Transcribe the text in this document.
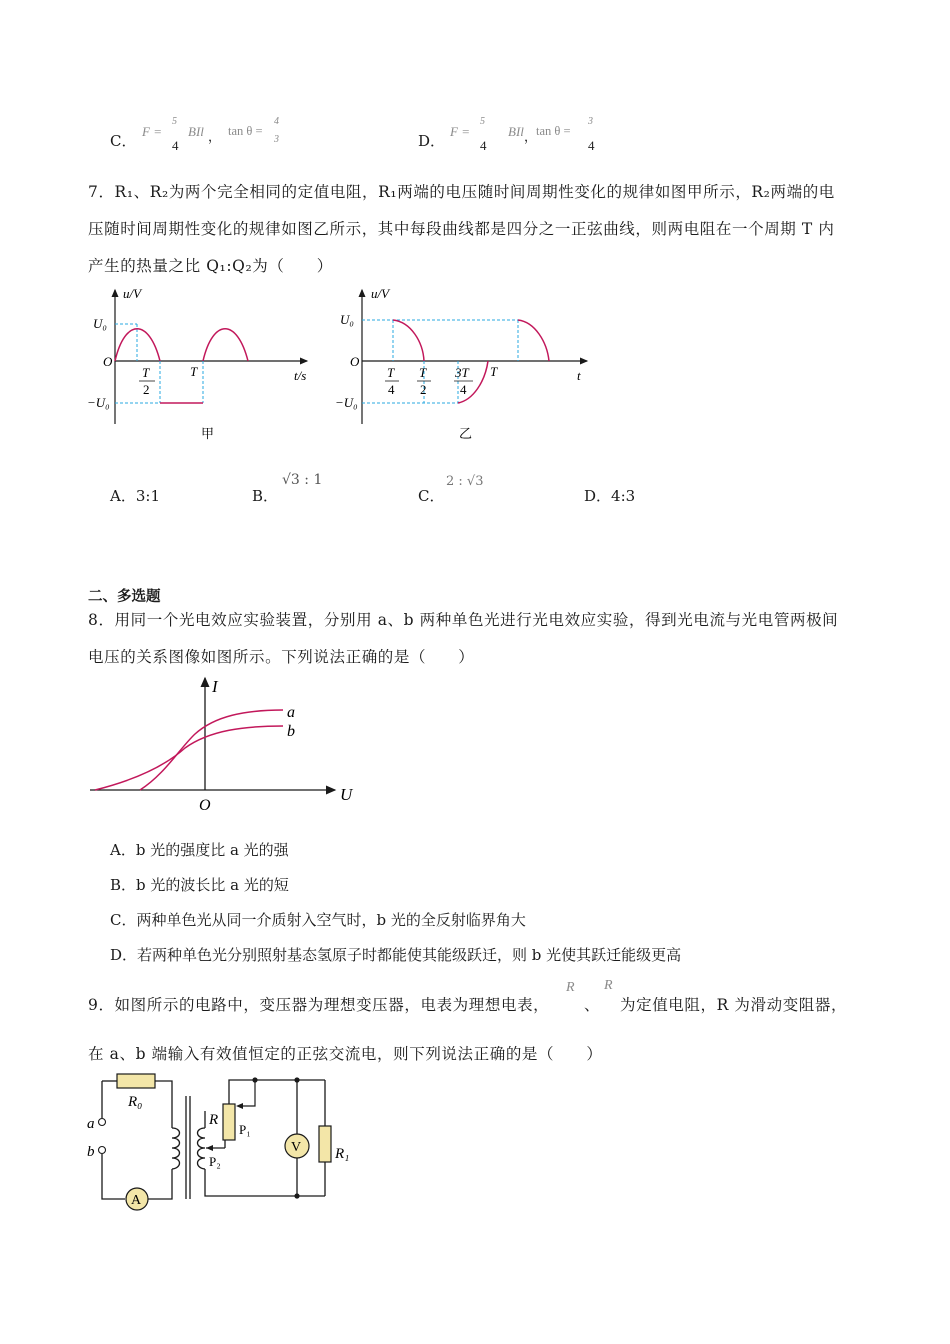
C．
F =
5
4
BIl ， tan θ =
4
3	D．
F =
5
4
BIl ，
tan θ =
3
4
7．R₁、R₂为两个完全相同的定值电阻，R₁两端的电压随时间周期性变化的规律如图甲所示，R₂两端的电
压随时间周期性变化的规律如图乙所示，其中每段曲线都是四分之一正弦曲线，则两电阻在一个周期 T 内
产生的热量之比 Q₁:Q₂为（　　）
u/V
t/s
U₀
−U₀
O
T
2
T
甲
u/V
t
U₀
−U₀
O
T
4
T
2
3T
4
T
乙
A．3:1	B．
√3 : 1
C．
2 : √3
D．4:3
二、多选题
8．用同一个光电效应实验装置，分别用 a、b 两种单色光进行光电效应实验，得到光电流与光电管两极间
电压的关系图像如图所示。下列说法正确的是（　　）
I
U
O
a
b
A．b 光的强度比 a 光的强
B．b 光的波长比 a 光的短
C．两种单色光从同一介质射入空气时，b 光的全反射临界角大
D．若两种单色光分别照射基态氢原子时都能使其能级跃迁，则 b 光使其跃迁能级更高
9．如图所示的电路中，变压器为理想变压器，电表为理想电表，
R
、
R
为定值电阻，R 为滑动变阻器，
在 a、b 端输入有效值恒定的正弦交流电，则下列说法正确的是（　　）
R₀
a
b
R
P₁
P₂
V R₁
A
